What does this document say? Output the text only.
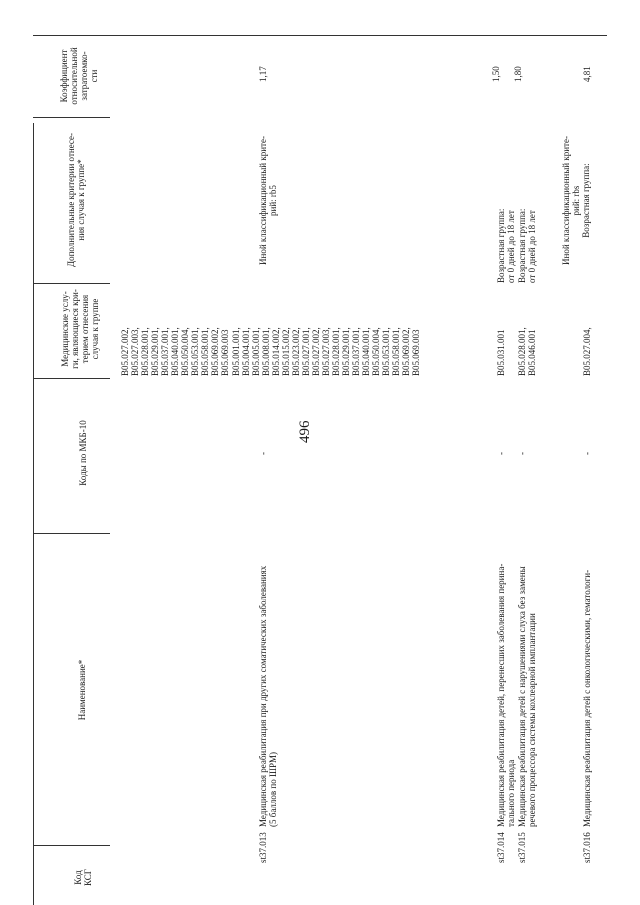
496
Код КСГ
Наименование*
Коды по МКБ-10
Медицинские услу- ги, являющиеся кри- терием отнесения случая к группе
Дополнительные критерии отнесе- ния случая к группе*
Коэффициент относительной затратоемко- сти
B05.027.002, B05.027.003, B05.028.001, B05.029.001, B05.037.001, B05.040.001, B05.050.004, B05.053.001, B05.058.001, B05.069.002, B05.069.003
st37.013
Медицинская реабилитация при других соматических заболеваниях (5 баллов по ШРМ)
-
B05.001.001, B05.004.001, B05.005.001, B05.008.001, B05.014.002, B05.015.002, B05.023.002, B05.027.001, B05.027.002, B05.027.003, B05.028.001, B05.029.001, B05.037.001, B05.040.001, B05.050.004, B05.053.001, B05.058.001, B05.069.002, B05.069.003
Иной классификационный крите- рий: rb5
1,17
st37.014
Медицинская реабилитация детей, перенесших заболевания перина- тального периода
-
B05.031.001
Возрастная группа: от 0 дней до 18 лет
1,50
st37.015
Медицинская реабилитация детей с нарушениями слуха без замены речевого процессора системы кохлеарной имплантации
-
B05.028.001, B05.046.001
Возрастная группа: от 0 дней до 18 лет
1,80
st37.016
Медицинская реабилитация детей с онкологическими, гематологи-
-
B05.027.004,
Иной классификационный крите- рий: rbs Возрастная группа:
4,81
